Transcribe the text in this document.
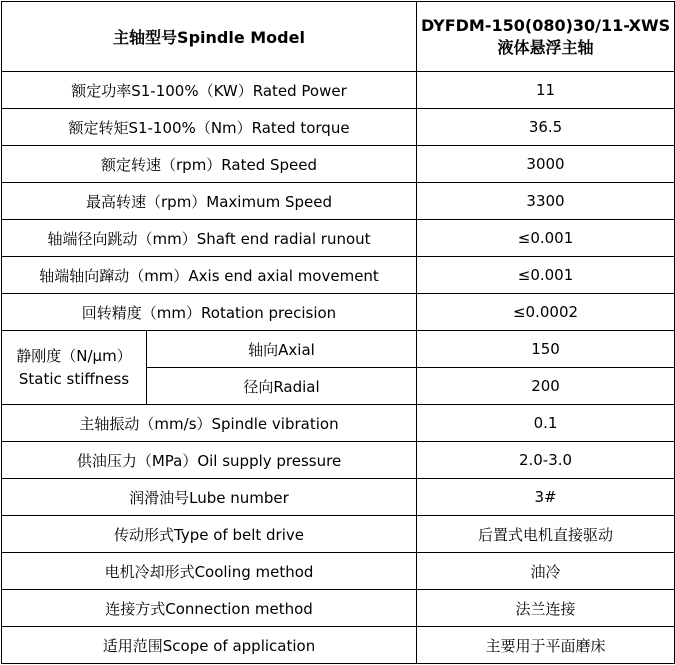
主轴型号Spindle Model		DYFDM-150(080)30/11-XWS
液体悬浮主轴

额定功率S1-100%（KW）Rated Power		11
额定转矩S1-100%（Nm）Rated torque		36.5
额定转速（rpm）Rated Speed		3000
最高转速（rpm）Maximum Speed		3300
轴端径向跳动（mm）Shaft end radial runout		≤0.001
轴端轴向蹿动（mm）Axis end axial movement		≤0.001
回转精度（mm）Rotation precision		≤0.0002

静刚度（N/μm）
Static stiffness	轴向Axial	150
	径向Radial	200
主轴振动（mm/s）Spindle vibration		0.1
供油压力（MPa）Oil supply pressure		2.0-3.0
润滑油号Lube number		3#
传动形式Type of belt drive		后置式电机直接驱动
电机冷却形式Cooling method		油冷
连接方式Connection method		法兰连接
适用范围Scope of application		主要用于平面磨床
